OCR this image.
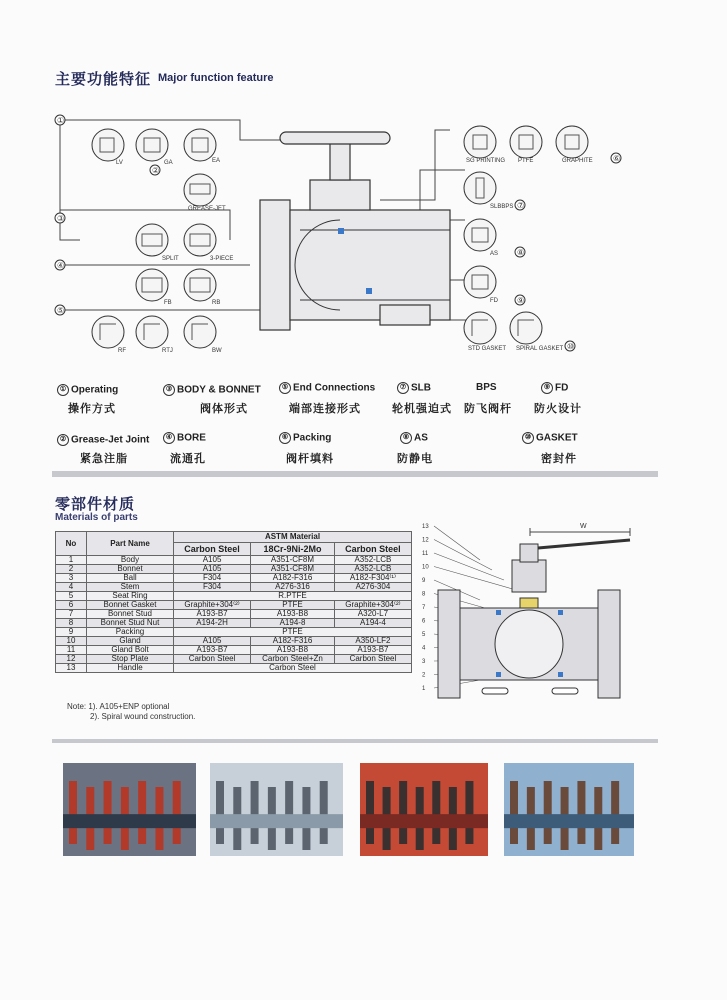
主要功能特征 Major function feature
①
②
③
④
⑤
⑥
⑦
⑧
⑨
⑩
LV	GA	EA
GREASE-JET
SPLIT	3-PIECE
FB	RB
RF	RTJ	BW
SG PRINTING PTFE	GRAPHITE
SLBBPS
AS
FD
STD GASKET SPIRAL GASKET
① Operating
操作方式
③ BODY & BONNET
阀体形式
⑤ End Connections
端部连接形式
⑦ SLB
轮机强迫式
BPS
防飞阀杆
⑨ FD
防火设计
② Grease-Jet Joint
紧急注脂
④ BORE
流通孔
⑥ Packing
阀杆填料
⑧ AS
防静电
⑩ GASKET
密封件
零部件材质
Materials of parts
No	Part Name	ASTM Material		
		Carbon Steel	18Cr-9Ni-2Mo	Carbon Steel
1	Body	A105	A351-CF8M	A352-LCB
2	Bonnet	A105	A351-CF8M	A352-LCB
3	Ball	F304	A182-F316	A182-F304⁽¹⁾
4	Stem	F304	A276-316	A276-304
5	Seat Ring	R.PTFE		
6	Bonnet Gasket	Graphite+304⁽²⁾	PTFE	Graphite+304⁽²⁾
7	Bonnet Stud	A193-B7	A193-B8	A320-L7
8	Bonnet Stud Nut	A194-2H	A194-8	A194-4
9	Packing	PTFE		
10	Gland	A105	A182-F316	A350-LF2
11	Gland Bolt	A193-B7	A193-B8	A193-B7
12	Stop Plate	Carbon Steel	Carbon Steel+Zn	Carbon Steel
13	Handle	Carbon Steel		
Note: 1). A105+ENP optional
2). Spiral wound construction.
W
13
12
11
10
9
8
7
6
5
4
3
2
1
